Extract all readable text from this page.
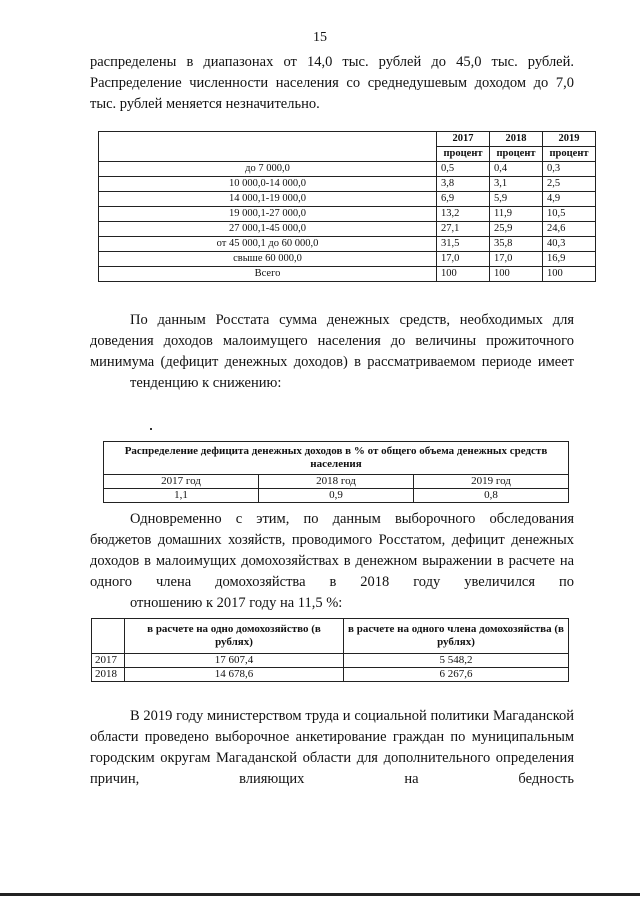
15

распределены в диапазонах от 14,0 тыс. рублей до 45,0 тыс. рублей. Распределение численности населения со среднедушевым доходом до 7,0
тыс. рублей меняется незначительно.

	2017	2018	2019
	процент	процент	процент
до 7 000,0	0,5	0,4	0,3
10 000,0-14 000,0	3,8	3,1	2,5
14 000,1-19 000,0	6,9	5,9	4,9
19 000,1-27 000,0	13,2	11,9	10,5
27 000,1-45 000,0	27,1	25,9	24,6
от 45 000,1 до 60 000,0	31,5	35,8	40,3
свыше 60 000,0	17,0	17,0	16,9
Всего	100	100	100

По данным Росстата сумма денежных средств, необходимых для доведения доходов малоимущего населения до величины прожиточного минимума (дефицит денежных доходов) в рассматриваемом периоде имеет
тенденцию к снижению:

Распределение дефицита денежных доходов в % от общего объема денежных средств населения		
2017 год	2018 год	2019 год
1,1	0,9	0,8

Одновременно с этим, по данным выборочного обследования бюджетов домашних хозяйств, проводимого Росстатом, дефицит денежных доходов в малоимущих домохозяйствах в денежном выражении в расчете на одного члена домохозяйства в 2018 году увеличился по
отношению к 2017 году на 11,5 %:

	в расчете на одно домохозяйство (в рублях)	в расчете на одного члена домохозяйства (в рублях)
2017	17 607,4	5 548,2
2018	14 678,6	6 267,6

В 2019 году министерством труда и социальной политики Магаданской области проведено выборочное анкетирование граждан по муниципальным городским округам Магаданской области для дополнительного определения причин, влияющих на бедность
